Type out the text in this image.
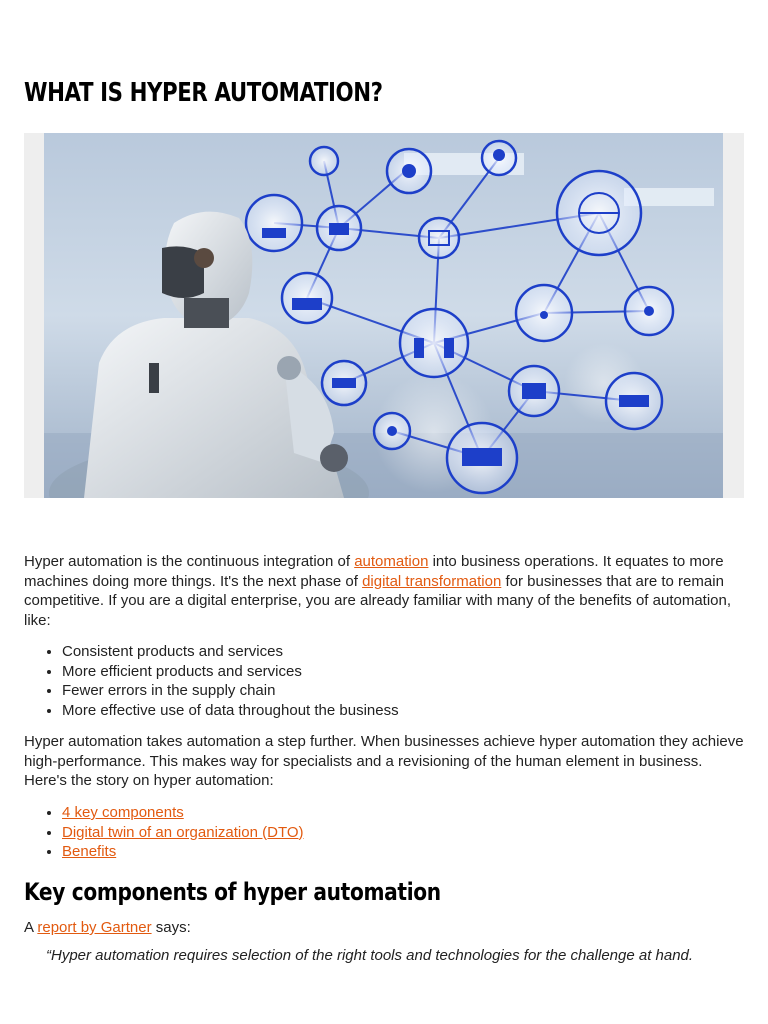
WHAT IS HYPER AUTOMATION?

Hyper automation is the continuous integration of automation into business operations. It equates to more machines doing more things. It's the next phase of digital transformation for businesses that are to remain competitive. If you are a digital enterprise, you are already familiar with many of the benefits of automation, like:

• Consistent products and services
• More efficient products and services
• Fewer errors in the supply chain
• More effective use of data throughout the business

Hyper automation takes automation a step further. When businesses achieve hyper automation they achieve high-performance. This makes way for specialists and a revisioning of the human element in business. Here's the story on hyper automation:

• 4 key components
• Digital twin of an organization (DTO)
• Benefits
Key components of hyper automation

A report by Gartner says:

“Hyper automation requires selection of the right tools and technologies for the challenge at hand.
